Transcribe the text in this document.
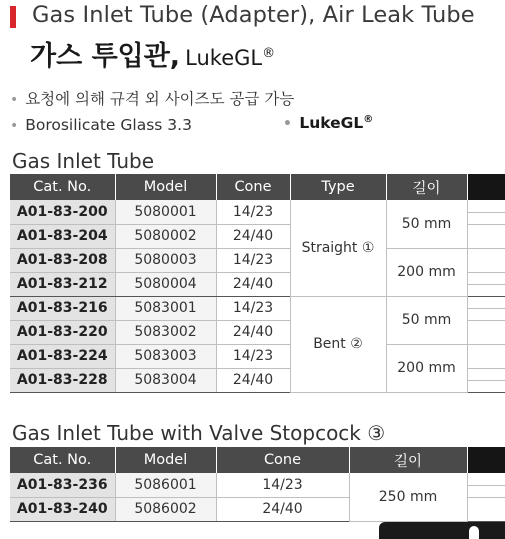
Gas Inlet Tube (Adapter), Air Leak Tube
가스 투입관, LukeGL®
• 요청에 의해 규격 외 사이즈도 공급 가능
• Borosilicate Glass 3.3	• LukeGL®
Gas Inlet Tube
Cat. No.	Model	Cone	Type	길이	
A01-83-200	5080001	14/23	Straight ①	50 mm	
A01-83-204	5080002	24/40			
A01-83-208	5080003	14/23		200 mm	
A01-83-212	5080004	24/40			
A01-83-216	5083001	14/23	Bent ②	50 mm	
A01-83-220	5083002	24/40			
A01-83-224	5083003	14/23		200 mm	
A01-83-228	5083004	24/40			
Gas Inlet Tube with Valve Stopcock ③
Cat. No.	Model	Cone	길이	
A01-83-236	5086001	14/23	250 mm	
A01-83-240	5086002	24/40		
